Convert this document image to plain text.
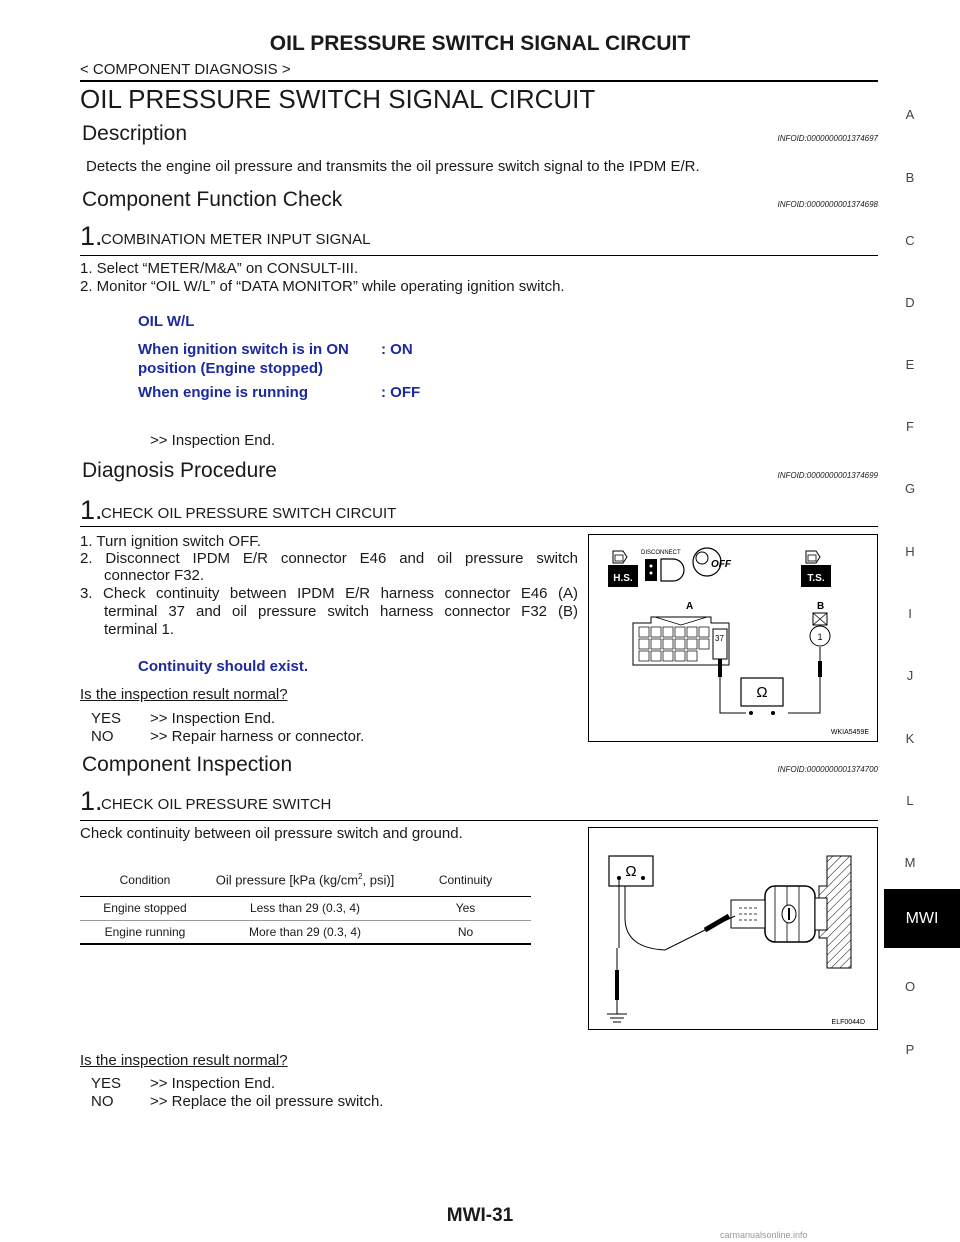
OIL PRESSURE SWITCH SIGNAL CIRCUIT
< COMPONENT DIAGNOSIS >
OIL PRESSURE SWITCH SIGNAL CIRCUIT
Description	INFOID:0000000001374697
Detects the engine oil pressure and transmits the oil pressure switch signal to the IPDM E/R.
Component Function Check	INFOID:0000000001374698
1.
COMBINATION METER INPUT SIGNAL
1. Select “METER/M&A” on CONSULT-III.
2. Monitor “OIL W/L” of “DATA MONITOR” while operating ignition switch.
OIL W/L
When ignition switch is in ON
position (Engine stopped)
: ON
When engine is running	: OFF
>> Inspection End.
Diagnosis Procedure	INFOID:0000000001374699
1.
CHECK OIL PRESSURE SWITCH CIRCUIT
1. Turn ignition switch OFF.
2. Disconnect IPDM E/R connector E46 and oil pressure switch
connector F32.
3. Check continuity between IPDM E/R harness connector E46 (A)
terminal 37 and oil pressure switch harness connector F32 (B)
terminal 1.
Continuity should exist.
Is the inspection result normal?
YES >> Inspection End.
NO >> Repair harness or connector.
H.S.
DISCONNECT
OFF
T.S.
A
37
B
1
Ω
WKIA5459E
Component Inspection	INFOID:0000000001374700
1.
CHECK OIL PRESSURE SWITCH
Check continuity between oil pressure switch and ground.
Condition	Oil pressure [kPa ($kg/cm^2$, psi)]	Continuity
Engine stopped	Less than 29 (0.3, 4)	Yes
Engine running	More than 29 (0.3, 4)	No
Ω
ELF0044D
Is the inspection result normal?
YES >> Inspection End.
NO >> Replace the oil pressure switch.
A
B
C
D
E
F
G
H
I
J
K
L
M
MWI
O
P
MWI-31
carmanualsonline.info
